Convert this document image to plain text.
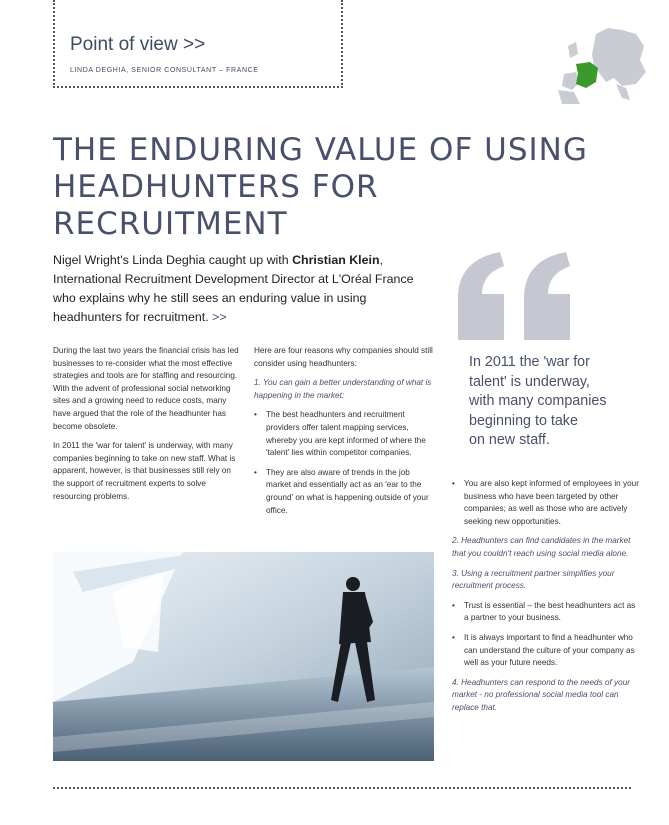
Point of view >>
LINDA DEGHIA, SENIOR CONSULTANT – FRANCE
THE ENDURING VALUE OF USING
HEADHUNTERS FOR RECRUITMENT
Nigel Wright's Linda Deghia caught up with Christian Klein, International Recruitment Development Director at L'Oréal France who explains why he still sees an enduring value in using headhunters for recruitment. >>
In 2011 the 'war for
talent' is underway,
with many companies
beginning to take
on new staff.

During the last two years the financial crisis has led businesses to re-consider what the most effective strategies and tools are for staffing and resourcing. With the advent of professional social networking sites and a growing need to reduce costs, many have argued that the role of the headhunter has become obsolete.

In 2011 the 'war for talent' is underway, with many companies beginning to take on new staff. What is apparent, however, is that businesses still rely on the support of recruitment experts to solve resourcing problems.

Here are four reasons why companies should still consider using headhunters:

1. You can gain a better understanding of what is happening in the market:

• The best headhunters and recruitment providers offer talent mapping services, whereby you are kept informed of where the 'talent' lies within competitor companies.

• They are also aware of trends in the job market and essentially act as an 'ear to the ground' on what is happening outside of your office.

• You are also kept informed of employees in your business who have been targeted by other companies; as well as those who are actively seeking new opportunities.

2. Headhunters can find candidates in the market that you couldn't reach using social media alone.

3. Using a recruitment partner simplifies your recruitment process.

• Trust is essential – the best headhunters act as a partner to your business.

• It is always important to find a headhunter who can understand the culture of your company as well as your future needs.

4. Headhunters can respond to the needs of your market - no professional social media tool can replace that.
